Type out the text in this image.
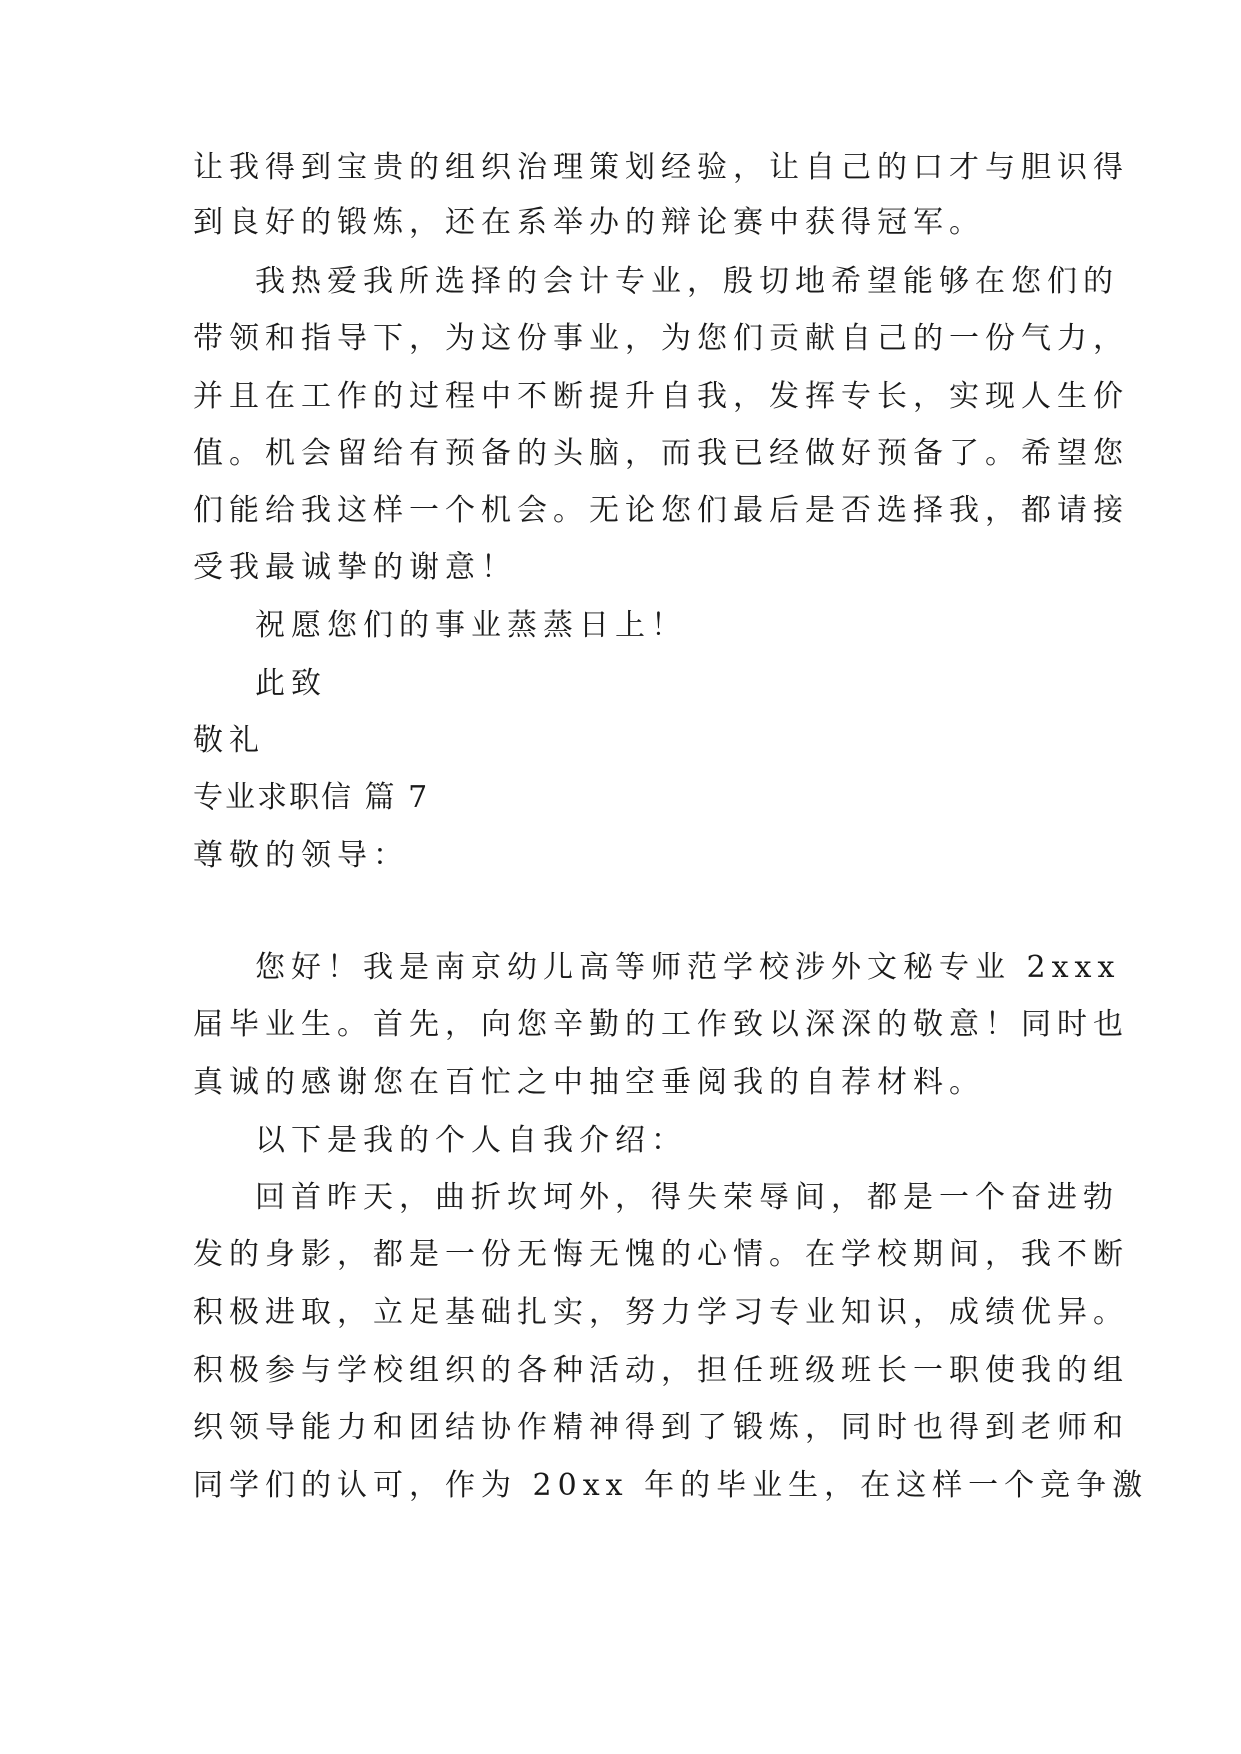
让我得到宝贵的组织治理策划经验，让自己的口才与胆识得
到良好的锻炼，还在系举办的辩论赛中获得冠军。
我热爱我所选择的会计专业，殷切地希望能够在您们的
带领和指导下，为这份事业，为您们贡献自己的一份气力，
并且在工作的过程中不断提升自我，发挥专长，实现人生价
值。机会留给有预备的头脑，而我已经做好预备了。希望您
们能给我这样一个机会。无论您们最后是否选择我，都请接
受我最诚挚的谢意！
祝愿您们的事业蒸蒸日上！
此致
敬礼
专业求职信 篇 7
尊敬的领导：
您好！我是南京幼儿高等师范学校涉外文秘专业 2xxx
届毕业生。首先，向您辛勤的工作致以深深的敬意！同时也
真诚的感谢您在百忙之中抽空垂阅我的自荐材料。
以下是我的个人自我介绍：
回首昨天，曲折坎坷外，得失荣辱间，都是一个奋进勃
发的身影，都是一份无悔无愧的心情。在学校期间，我不断
积极进取，立足基础扎实，努力学习专业知识，成绩优异。
积极参与学校组织的各种活动，担任班级班长一职使我的组
织领导能力和团结协作精神得到了锻炼，同时也得到老师和
同学们的认可，作为 20xx 年的毕业生，在这样一个竞争激
